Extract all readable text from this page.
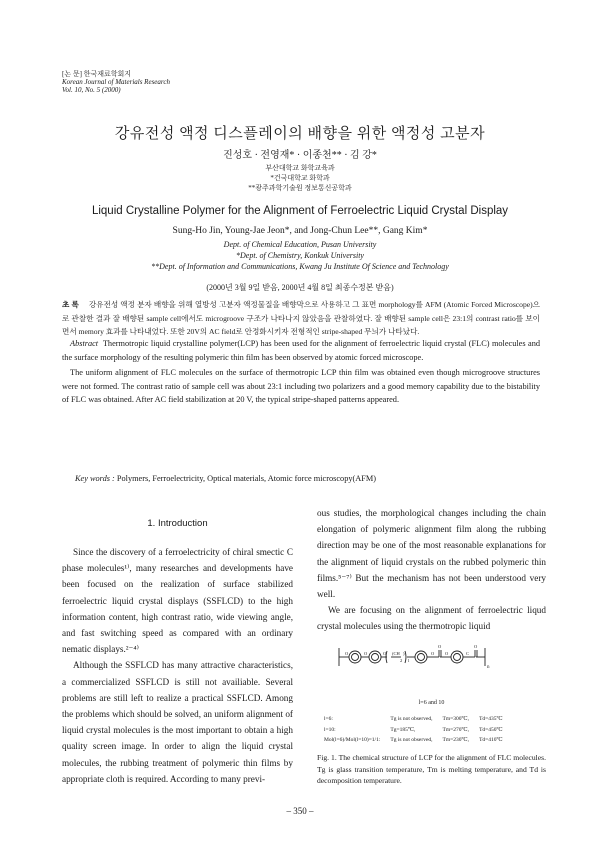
[논 문] 한국재료학회지
Korean Journal of Materials Research
Vol. 10, No. 5 (2000)
강유전성 액정 디스플레이의 배향을 위한 액정성 고분자
진성호 · 전영재* · 이종천** · 김 강*
부산대학교 화학교육과
*건국대학교 화학과
**광주과학기술원 정보통신공학과
Liquid Crystalline Polymer for the Alignment of Ferroelectric Liquid Crystal Display
Sung-Ho Jin, Young-Jae Jeon*, and Jong-Chun Lee**, Gang Kim*
Dept. of Chemical Education, Pusan University
*Dept. of Chemistry, Konkuk University
**Dept. of Information and Communications, Kwang Ju Institute Of Science and Technology
(2000년 3월 9일 받음, 2000년 4월 8일 최종수정본 받음)
초 록 강유전성 액정 분자 배향을 위해 열방성 고분자 액정물질을 배향막으로 사용하고 그 표면 morphology를 AFM (Atomic Forced Microscope)으로 관찰한 결과 잘 배향된 sample cell에서도 microgroove 구조가 나타나지 않았음을 관찰하였다. 잘 배향된 sample cell은 23:1의 contrast ratio를 보이면서 memory 효과를 나타내었다. 또한 20V의 AC field로 안정화시키자 전형적인 stripe-shaped 무늬가 나타났다.

Abstract Thermotropic liquid crystalline polymer(LCP) has been used for the alignment of ferroelectric liquid crystal (FLC) molecules and the surface morphology of the resulting polymeric thin film has been observed by atomic forced microscope.

The uniform alignment of FLC molecules on the surface of thermotropic LCP thin film was obtained even though microgroove structures were not formed. The contrast ratio of sample cell was about 23:1 including two polarizers and a good memory capability due to the bistability of FLC was obtained. After AC field stabilization at 20 V, the typical stripe-shaped patterns appeared.

Key words : Polymers, Ferroelectricity, Optical materials, Atomic force microscopy(AFM)
1. Introduction

Since the discovery of a ferroelectricity of chiral smectic C phase molecules¹⁾, many researches and developments have been focused on the realization of surface stabilized ferroelectric liquid crystal displays (SSFLCD) to the high information content, high contrast ratio, wide viewing angle, and fast switching speed as compared with an ordinary nematic displays.²⁻⁴⁾

Although the SSFLCD has many attractive characteristics, a commercialized SSFLCD is still not availiable. Several problems are still left to realize a practical SSFLCD. Among the problems which should be solved, an uniform alignment of liquid crystal molecules is the most important to obtain a high quality screen image. In order to align the liquid crystal molecules, the rubbing treatment of polymeric thin films by appropriate cloth is required. According to many previ-

ous studies, the morphological changes including the chain elongation of polymeric alignment film along the rubbing direction may be one of the most reasonable explanations for the alignment of liquid crystals on the rubbed polymeric thin films.⁵⁻⁷⁾ But the mechanism has not been understood very well.

We are focusing on the alignment of ferroelectric liqud crystal molecules using the thermotropic liquid

O	O	O (CH
2
)
l
O
O	O
C
O
n
l=6 and 10
l=6:	Tg is not observed,	Tm=300℃,	Td=435℃
l=10:	Tg=185℃,	Tm=270℃,	Td=450℃
Mol(l=6)/Mol(l=10)=1/1:	Tg is not observed,	Tm=230℃,	Td=410℃
Fig. 1. The chemical structure of LCP for the alignment of FLC molecules. Tg is glass transition temperature, Tm is melting temperature, and Td is decomposition temperature.
– 350 –
